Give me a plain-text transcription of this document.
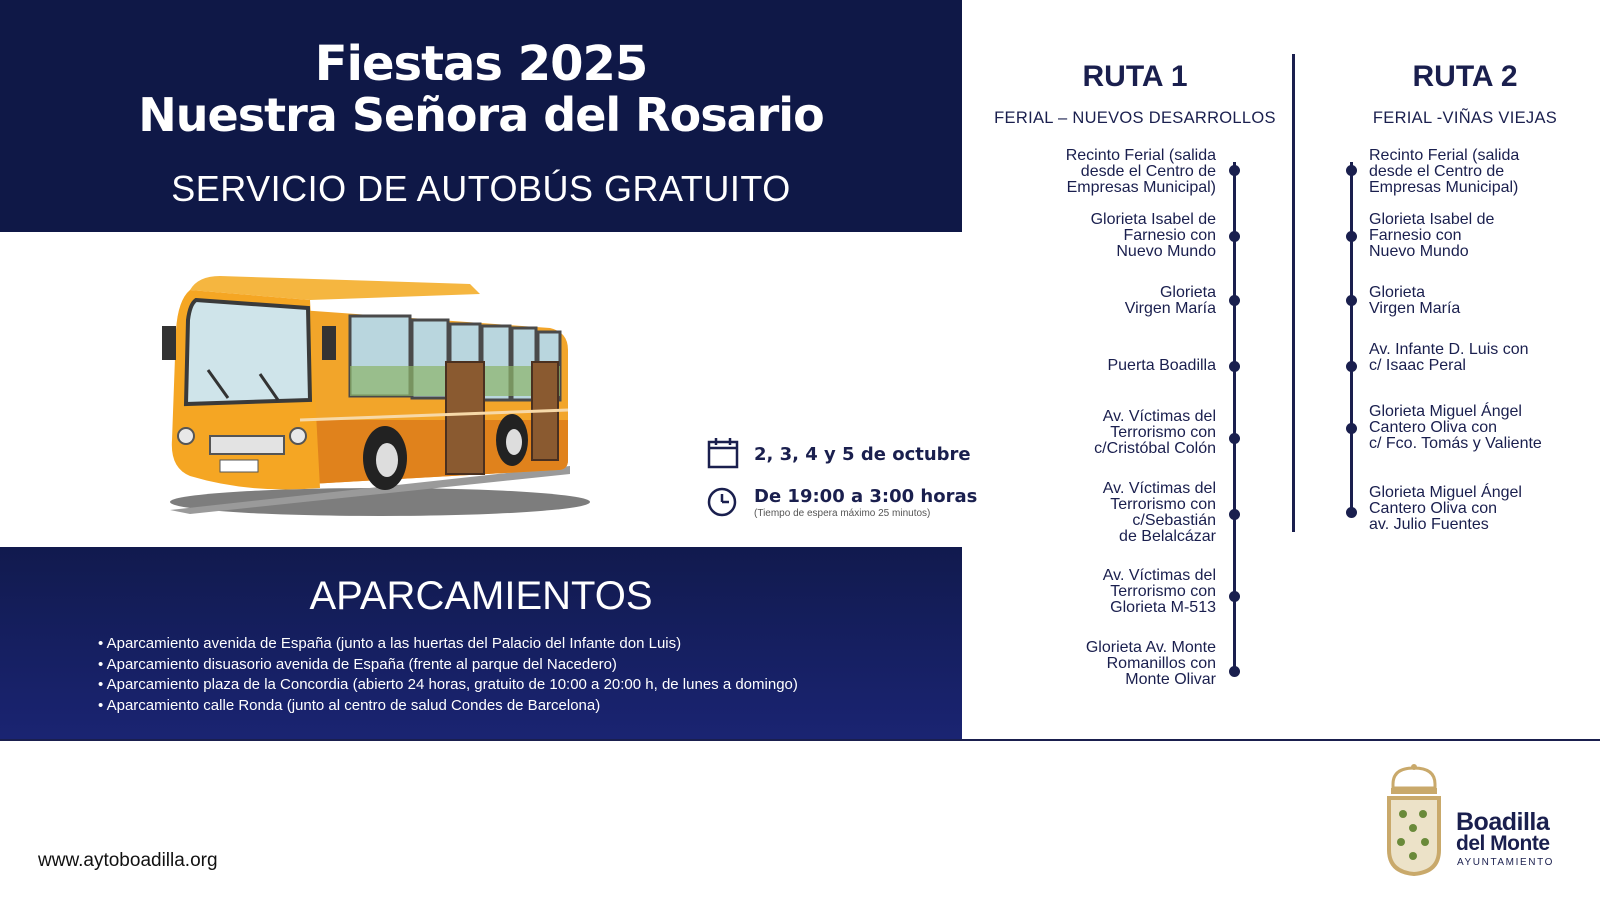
Fiestas 2025
Nuestra Señora del Rosario
SERVICIO DE AUTOBÚS GRATUITO
2, 3, 4 y 5 de octubre
De 19:00 a 3:00 horas
(Tiempo de espera máximo 25 minutos)
APARCAMIENTOS
• Aparcamiento avenida de España (junto a las huertas del Palacio del Infante don Luis)
• Aparcamiento disuasorio avenida de España (frente al parque del Nacedero)
• Aparcamiento plaza de la Concordia (abierto 24 horas, gratuito de 10:00 a 20:00 h, de lunes a domingo)
• Aparcamiento calle Ronda (junto al centro de salud Condes de Barcelona)
RUTA 1
FERIAL – NUEVOS DESARROLLOS
RUTA 2
FERIAL -VIÑAS VIEJAS
Recinto Ferial (salida
desde el Centro de
Empresas Municipal)
Glorieta Isabel de
Farnesio con
Nuevo Mundo
Glorieta
Virgen María
Puerta Boadilla
Av. Víctimas del
Terrorismo con
c/Cristóbal Colón
Av. Víctimas del
Terrorismo con
c/Sebastián
de Belalcázar
Av. Víctimas del
Terrorismo con
Glorieta M-513
Glorieta Av. Monte
Romanillos con
Monte Olivar
Recinto Ferial (salida
desde el Centro de
Empresas Municipal)
Glorieta Isabel de
Farnesio con
Nuevo Mundo
Glorieta
Virgen María
Av. Infante D. Luis con
c/ Isaac Peral
Glorieta Miguel Ángel
Cantero Oliva con
c/ Fco. Tomás y Valiente
Glorieta Miguel Ángel
Cantero Oliva con
av. Julio Fuentes
www.aytoboadilla.org
Boadilla
del Monte
AYUNTAMIENTO
